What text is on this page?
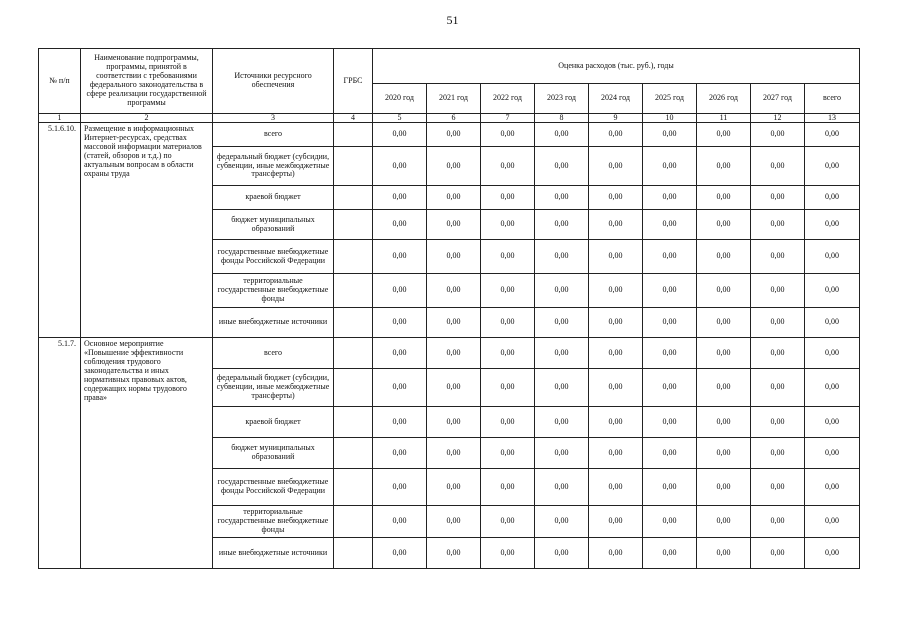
51
№ п/п	Наименование подпрограммы, программы, принятой в соответствии с требованиями федерального законодательства в сфере реализации государственной программы	Источники ресурсного обеспечения	ГРБС	Оценка расходов (тыс. руб.), годы								
				2020 год	2021 год	2022 год	2023 год	2024 год	2025 год	2026 год	2027 год	всего
1	2	3	4	5	6	7	8	9	10	11	12	13
5.1.6.10.	Размещение в информационных Интернет-ресурсах, средствах массовой информации материалов (статей, обзоров и т.д.) по актуальным вопросам в области охраны труда	всего		0,00	0,00	0,00	0,00	0,00	0,00	0,00	0,00	0,00
		федеральный бюджет (субсидии, субвенции, иные межбюджетные трансферты)		0,00	0,00	0,00	0,00	0,00	0,00	0,00	0,00	0,00
		краевой бюджет		0,00	0,00	0,00	0,00	0,00	0,00	0,00	0,00	0,00
		бюджет муниципальных образований		0,00	0,00	0,00	0,00	0,00	0,00	0,00	0,00	0,00
		государственные внебюджетные фонды Российской Федерации		0,00	0,00	0,00	0,00	0,00	0,00	0,00	0,00	0,00
		территориальные государственные внебюджетные фонды		0,00	0,00	0,00	0,00	0,00	0,00	0,00	0,00	0,00
		иные внебюджетные источники		0,00	0,00	0,00	0,00	0,00	0,00	0,00	0,00	0,00
5.1.7.	Основное мероприятие «Повышение эффективности соблюдения трудового законодательства и иных нормативных правовых актов, содержащих нормы трудового права»	всего		0,00	0,00	0,00	0,00	0,00	0,00	0,00	0,00	0,00
		федеральный бюджет (субсидии, субвенции, иные межбюджетные трансферты)		0,00	0,00	0,00	0,00	0,00	0,00	0,00	0,00	0,00
		краевой бюджет		0,00	0,00	0,00	0,00	0,00	0,00	0,00	0,00	0,00
		бюджет муниципальных образований		0,00	0,00	0,00	0,00	0,00	0,00	0,00	0,00	0,00
		государственные внебюджетные фонды Российской Федерации		0,00	0,00	0,00	0,00	0,00	0,00	0,00	0,00	0,00
		территориальные государственные внебюджетные фонды		0,00	0,00	0,00	0,00	0,00	0,00	0,00	0,00	0,00
		иные внебюджетные источники		0,00	0,00	0,00	0,00	0,00	0,00	0,00	0,00	0,00
